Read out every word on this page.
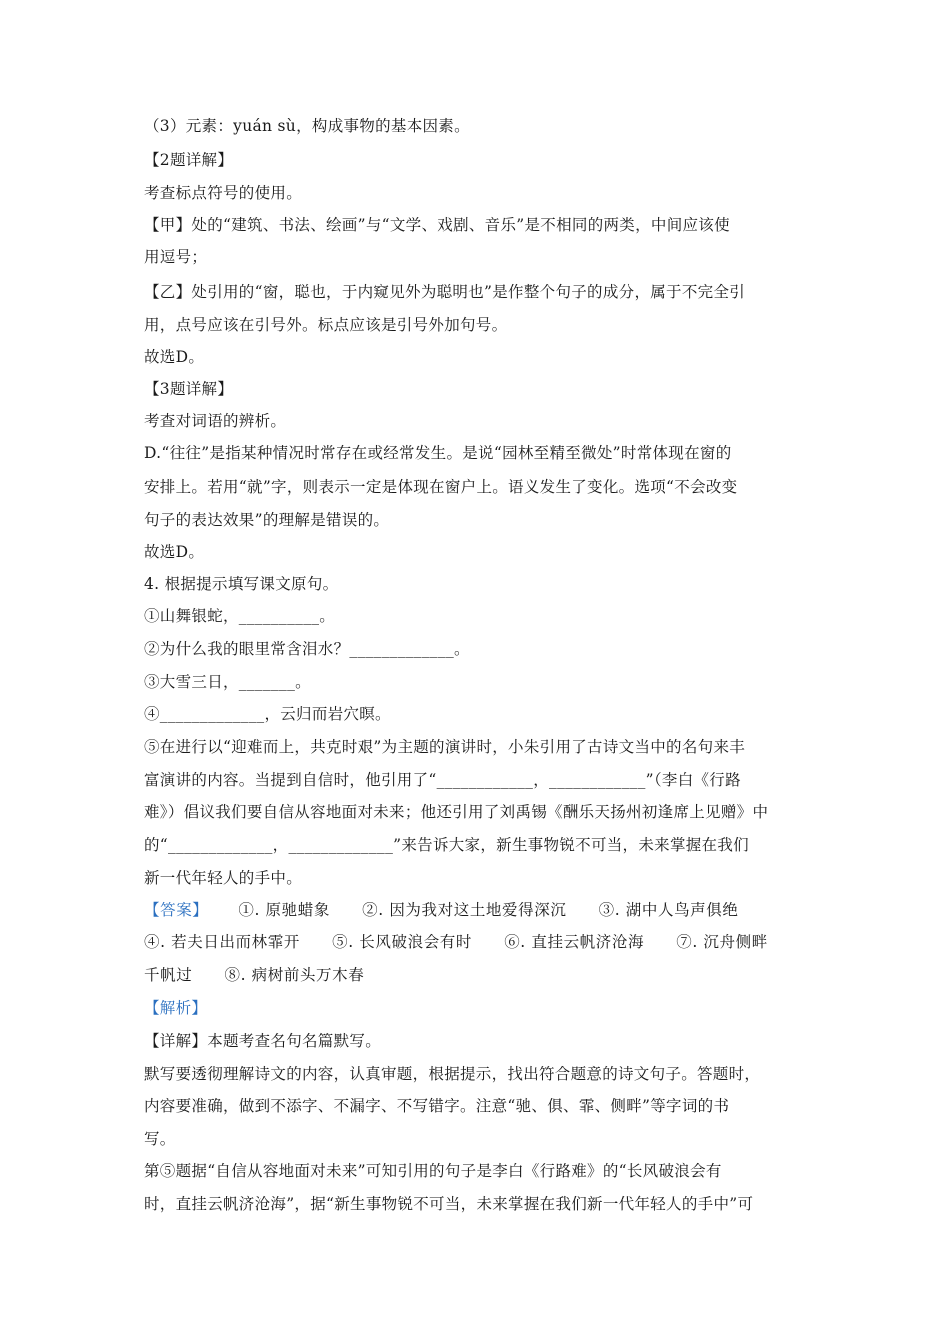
（3）元素：yuán sù，构成事物的基本因素。
【2题详解】
考查标点符号的使用。
【甲】处的“建筑、书法、绘画”与“文学、戏剧、音乐”是不相同的两类，中间应该使
用逗号；
【乙】处引用的“窗，聪也，于内窥见外为聪明也”是作整个句子的成分，属于不完全引
用，点号应该在引号外。标点应该是引号外加句号。
故选D。
【3题详解】
考查对词语的辨析。
D.“往往”是指某种情况时常存在或经常发生。是说“园林至精至微处”时常体现在窗的
安排上。若用“就”字，则表示一定是体现在窗户上。语义发生了变化。选项“不会改变
句子的表达效果”的理解是错误的。
故选D。
4. 根据提示填写课文原句。
①山舞银蛇，__________。
②为什么我的眼里常含泪水？_____________。
③大雪三日，_______。
④_____________，云归而岩穴暝。
⑤在进行以“迎难而上，共克时艰”为主题的演讲时，小朱引用了古诗文当中的名句来丰
富演讲的内容。当提到自信时，他引用了“____________，____________”（李白《行路
难》）倡议我们要自信从容地面对未来；他还引用了刘禹锡《酬乐天扬州初逢席上见赠》中
的“_____________，_____________”来告诉大家，新生事物锐不可当，未来掌握在我们
新一代年轻人的手中。
【答案】 ①. 原驰蜡象　　②. 因为我对这土地爱得深沉　　③. 湖中人鸟声俱绝
④. 若夫日出而林霏开　　⑤. 长风破浪会有时　　⑥. 直挂云帆济沧海　　⑦. 沉舟侧畔
千帆过　　⑧. 病树前头万木春
【解析】
【详解】本题考查名句名篇默写。
默写要透彻理解诗文的内容，认真审题，根据提示，找出符合题意的诗文句子。答题时，
内容要准确，做到不添字、不漏字、不写错字。注意“驰、俱、霏、侧畔”等字词的书
写。
第⑤题据“自信从容地面对未来”可知引用的句子是李白《行路难》的“长风破浪会有
时，直挂云帆济沧海”，据“新生事物锐不可当，未来掌握在我们新一代年轻人的手中”可
